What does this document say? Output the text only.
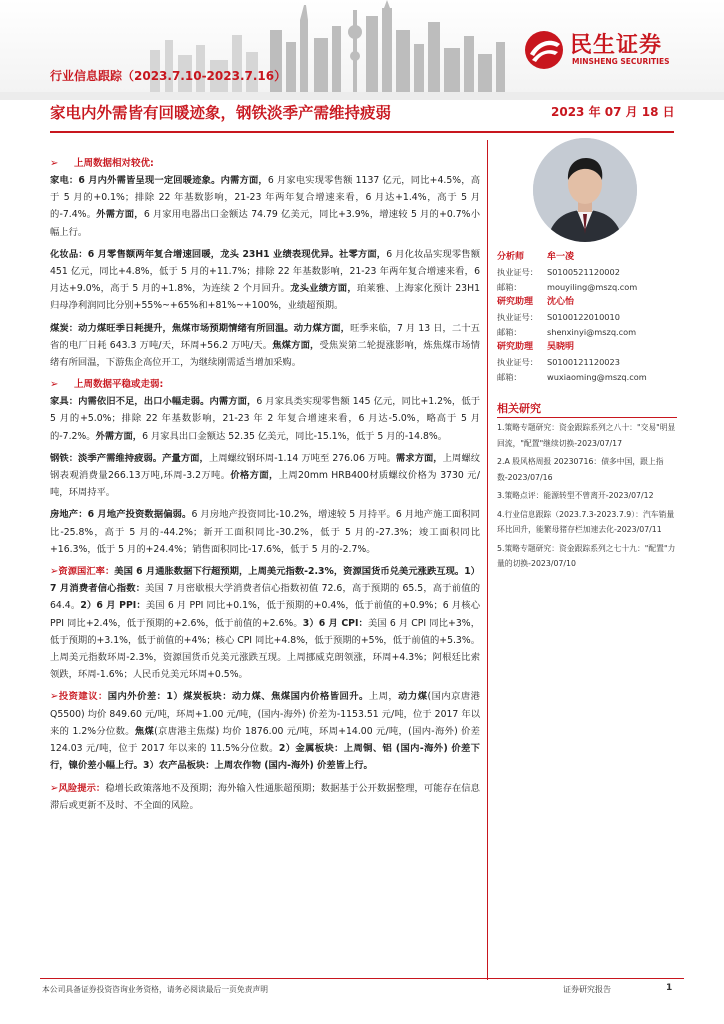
民生证券
MINSHENG SECURITIES
行业信息跟踪（2023.7.10-2023.7.16）
家电内外需皆有回暖迹象，钢铁淡季产需维持疲弱	2023 年 07 月 18 日
➢	上周数据相对较优:

家电：6 月内外需皆呈现一定回暖迹象。内需方面，6 月家电实现零售额 1137 亿元，同比+4.5%，高于 5 月的+0.1%；排除 22 年基数影响，21-23 年两年复合增速来看，6 月达+1.4%，高于 5 月的-7.4%。外需方面，6 月家用电器出口金额达 74.79 亿美元，同比+3.9%，增速较 5 月的+0.7%小幅上行。

化妆品：6 月零售额两年复合增速回暖，龙头 23H1 业绩表现优异。社零方面，6 月化妆品实现零售额 451 亿元，同比+4.8%，低于 5 月的+11.7%；排除 22 年基数影响，21-23 年两年复合增速来看，6 月达+9.0%，高于 5 月的+1.8%，为连续 2 个月回升。龙头业绩方面，珀莱雅、上海家化预计 23H1 归母净利润同比分别+55%~+65%和+81%~+100%，业绩超预期。

煤炭：动力煤旺季日耗提升，焦煤市场预期情绪有所回温。动力煤方面，旺季来临，7 月 13 日，二十五省的电厂日耗 643.3 万吨/天，环周+56.2 万吨/天。焦煤方面，受焦炭第二轮提涨影响，炼焦煤市场情绪有所回温，下游焦企高位开工，为继续刚需适当增加采购。

➢	上周数据平稳或走弱:

家具：内需依旧不足，出口小幅走弱。内需方面，6 月家具类实现零售额 145 亿元，同比+1.2%，低于 5 月的+5.0%；排除 22 年基数影响，21-23 年 2 年复合增速来看，6 月达-5.0%，略高于 5 月的-7.2%。外需方面，6 月家具出口金额达 52.35 亿美元，同比-15.1%，低于 5 月的-14.8%。

钢铁：淡季产需维持疲弱。产量方面，上周螺纹钢环周-1.14 万吨至 276.06 万吨。需求方面，上周螺纹钢表观消费量266.13万吨,环周-3.2万吨。价格方面，上周20mm HRB400材质螺纹价格为 3730 元/吨，环周持平。

房地产：6 月地产投资数据偏弱。6 月房地产投资同比-10.2%，增速较 5 月持平。6 月地产施工面积同比-25.8%，高于 5 月的-44.2%；新开工面积同比-30.2%，低于 5 月的-27.3%；竣工面积同比+16.3%，低于 5 月的+24.4%；销售面积同比-17.6%，低于 5 月的-2.7%。

➢资源国汇率：美国 6 月通胀数据下行超预期，上周美元指数-2.3%，资源国货币兑美元涨跌互现。1）7 月消费者信心指数：美国 7 月密歇根大学消费者信心指数初值 72.6，高于预期的 65.5，高于前值的 64.4。2）6 月 PPI：美国 6 月 PPI 同比+0.1%，低于预期的+0.4%，低于前值的+0.9%；6 月核心 PPI 同比+2.4%，低于预期的+2.6%，低于前值的+2.6%。3）6 月 CPI：美国 6 月 CPI 同比+3%，低于预期的+3.1%，低于前值的+4%；核心 CPI 同比+4.8%，低于预期的+5%，低于前值的+5.3%。上周美元指数环周-2.3%，资源国货币兑美元涨跌互现。上周挪威克朗领涨，环周+4.3%；阿根廷比索领跌，环周-1.6%；人民币兑美元环周+0.5%。

➢投资建议：国内外价差：1）煤炭板块：动力煤、焦煤国内价格皆回升。上周，动力煤(国内京唐港 Q5500) 均价 849.60 元/吨，环周+1.00 元/吨，(国内-海外) 价差为-1153.51 元/吨，位于 2017 年以来的 1.2%分位数。焦煤(京唐港主焦煤) 均价 1876.00 元/吨，环周+14.00 元/吨，(国内-海外) 价差 124.03 元/吨，位于 2017 年以来的 11.5%分位数。2）金属板块：上周铜、铝 (国内-海外) 价差下行，镍价差小幅上行。3）农产品板块：上周农作物 (国内-海外) 价差皆上行。

➢风险提示：稳增长政策落地不及预期；海外输入性通胀超预期；数据基于公开数据整理，可能存在信息滞后或更新不及时、不全面的风险。

分析师	牟一凌
执业证号：	S0100521120002
邮箱：	mouyiling@mszq.com
研究助理	沈心怡
执业证号：	S0100122010010
邮箱：	shenxinyi@mszq.com
研究助理	吴晓明
执业证号：	S0100121120023
邮箱：	wuxiaoming@mszq.com
相关研究
1.策略专题研究：资金跟踪系列之八十："交易"明显回流，"配置"继续切换-2023/07/17
2.A 股风格周报 20230716：债多中国，跟上指数-2023/07/16
3.策略点评：能源转型不曾离开-2023/07/12
4.行业信息跟踪（2023.7.3-2023.7.9）：汽车销量环比回升，能繁母猪存栏加速去化-2023/07/11
5.策略专题研究：资金跟踪系列之七十九："配置"力量的切换-2023/07/10
本公司具备证券投资咨询业务资格，请务必阅读最后一页免责声明	证券研究报告	1
